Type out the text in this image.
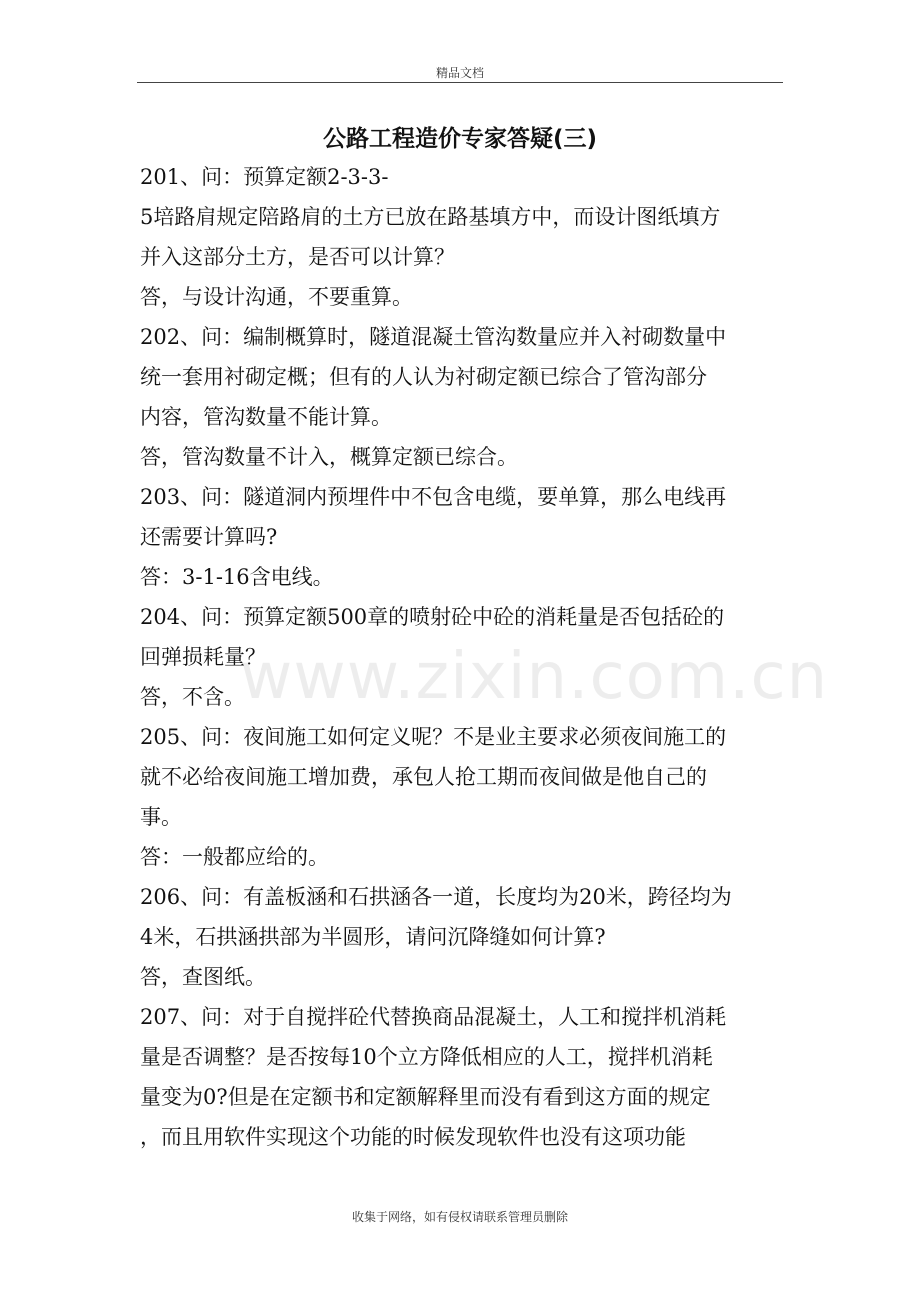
精品文档
公路工程造价专家答疑(三)
201、问：预算定额2-3-3-
5培路肩规定陪路肩的土方已放在路基填方中，而设计图纸填方
并入这部分土方，是否可以计算？
答，与设计沟通，不要重算。
202、问：编制概算时，隧道混凝土管沟数量应并入衬砌数量中
统一套用衬砌定概；但有的人认为衬砌定额已综合了管沟部分
内容，管沟数量不能计算。
答，管沟数量不计入，概算定额已综合。
203、问：隧道洞内预埋件中不包含电缆，要单算，那么电线再
还需要计算吗?
答：3-1-16含电线。
204、问：预算定额500章的喷射砼中砼的消耗量是否包括砼的
回弹损耗量？
答，不含。
205、问：夜间施工如何定义呢？不是业主要求必须夜间施工的
就不必给夜间施工增加费，承包人抢工期而夜间做是他自己的
事。
答：一般都应给的。
206、问：有盖板涵和石拱涵各一道，长度均为20米，跨径均为
4米，石拱涵拱部为半圆形，请问沉降缝如何计算?
答，查图纸。
207、问：对于自搅拌砼代替换商品混凝土，人工和搅拌机消耗
量是否调整？是否按每10个立方降低相应的人工，搅拌机消耗
量变为0?但是在定额书和定额解释里而没有看到这方面的规定
，而且用软件实现这个功能的时候发现软件也没有这项功能
www.zixin.com.cn
收集于网络，如有侵权请联系管理员删除
